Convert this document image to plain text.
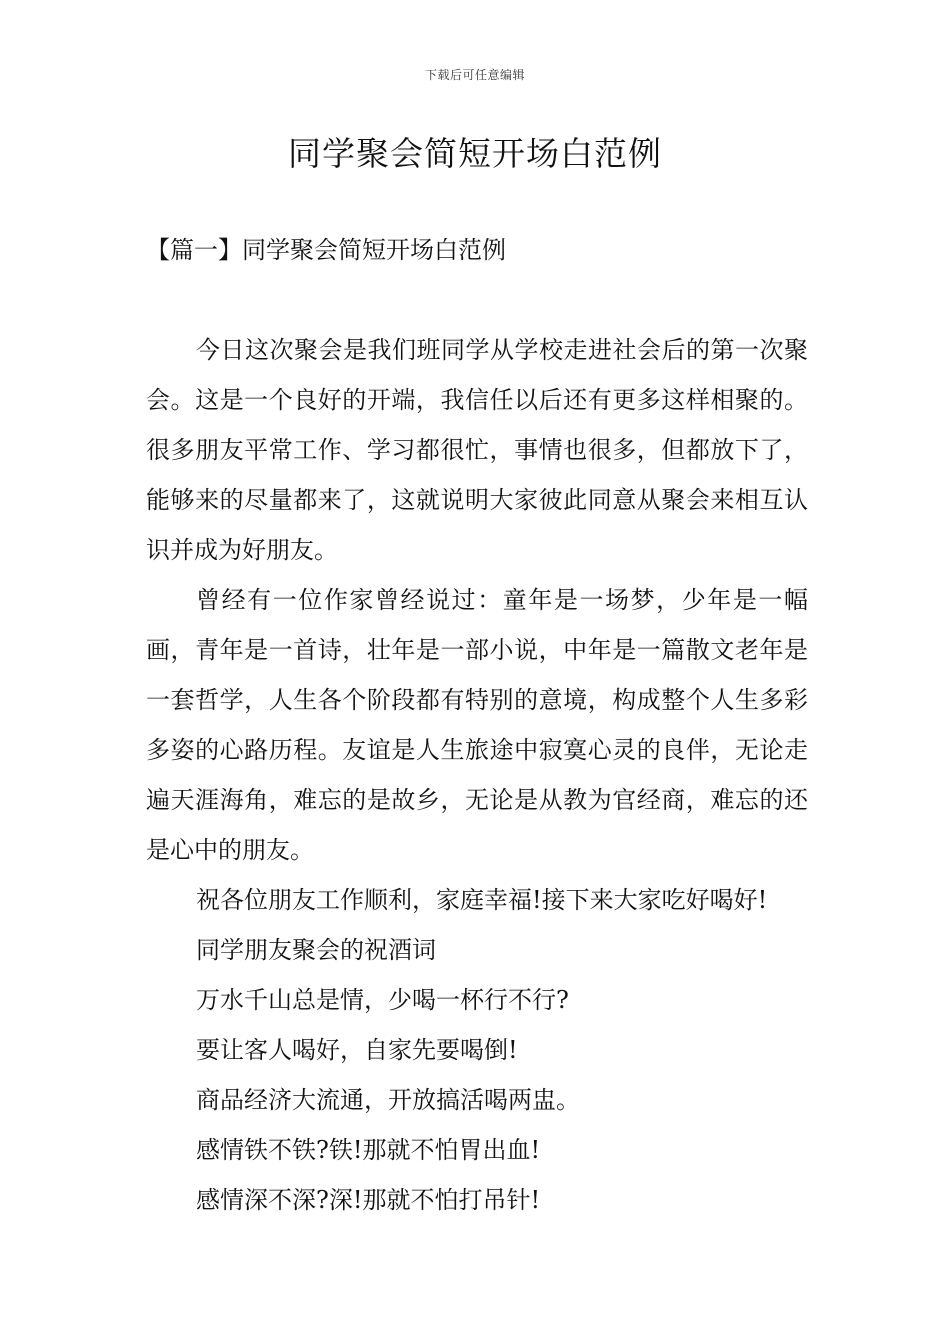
下载后可任意编辑
同学聚会简短开场白范例
【篇一】同学聚会简短开场白范例

今日这次聚会是我们班同学从学校走进社会后的第一次聚会。这是一个良好的开端，我信任以后还有更多这样相聚的。很多朋友平常工作、学习都很忙，事情也很多，但都放下了，能够来的尽量都来了，这就说明大家彼此同意从聚会来相互认识并成为好朋友。

曾经有一位作家曾经说过：童年是一场梦，少年是一幅画，青年是一首诗，壮年是一部小说，中年是一篇散文老年是一套哲学，人生各个阶段都有特别的意境，构成整个人生多彩多姿的心路历程。友谊是人生旅途中寂寞心灵的良伴，无论走遍天涯海角，难忘的是故乡，无论是从教为官经商，难忘的还是心中的朋友。

祝各位朋友工作顺利，家庭幸福!接下来大家吃好喝好!

同学朋友聚会的祝酒词

万水千山总是情，少喝一杯行不行?

要让客人喝好，自家先要喝倒!

商品经济大流通，开放搞活喝两盅。

感情铁不铁?铁!那就不怕胃出血!

感情深不深?深!那就不怕打吊针!
